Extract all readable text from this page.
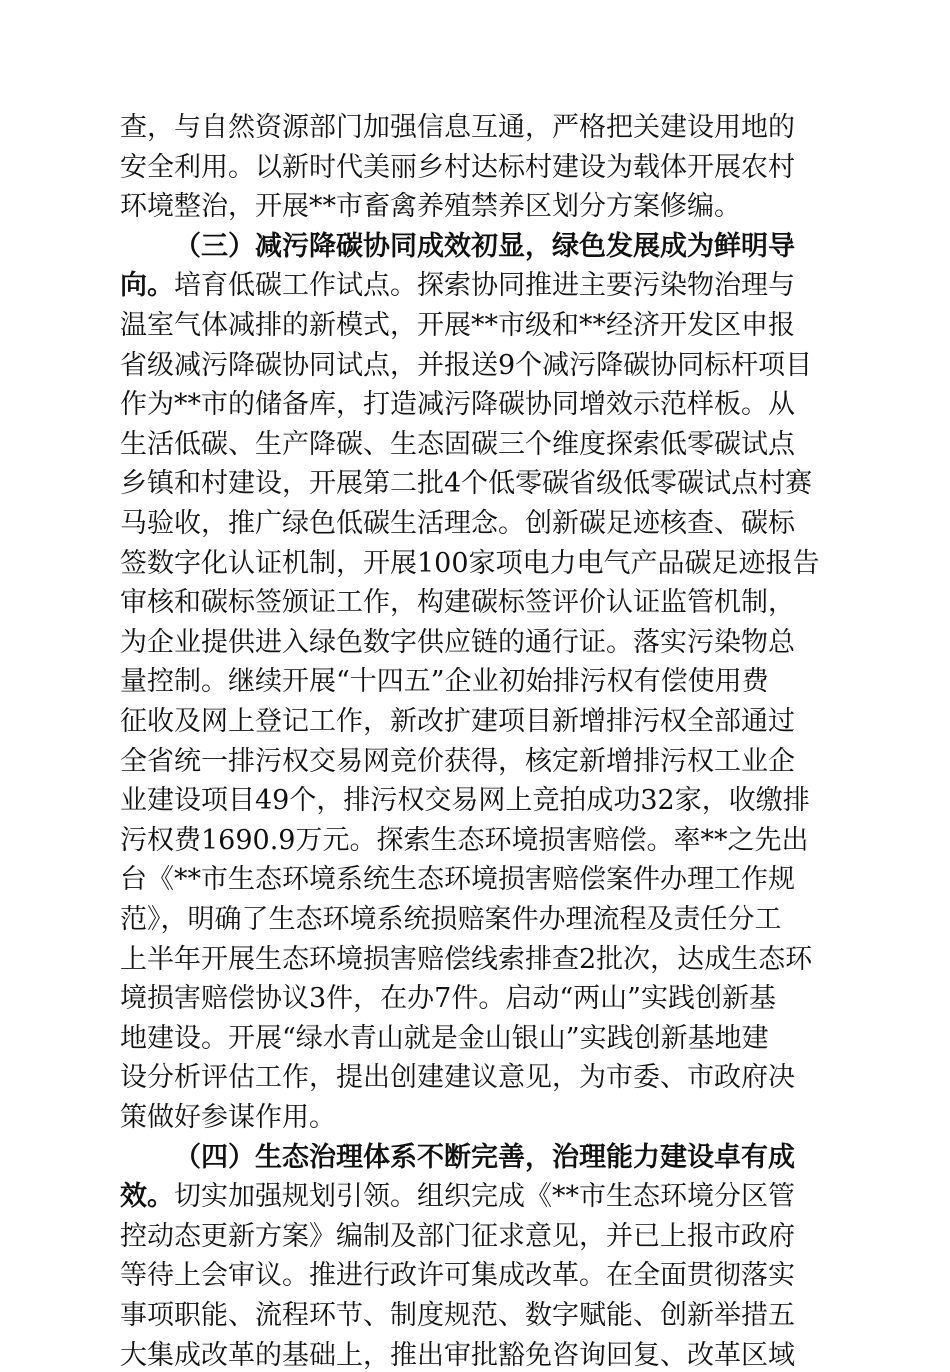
查，与自然资源部门加强信息互通，严格把关建设用地的
安全利用。以新时代美丽乡村达标村建设为载体开展农村
环境整治，开展**市畜禽养殖禁养区划分方案修编。
（三）减污降碳协同成效初显，绿色发展成为鲜明导
向。培育低碳工作试点。探索协同推进主要污染物治理与
温室气体减排的新模式，开展**市级和**经济开发区申报
省级减污降碳协同试点，并报送9个减污降碳协同标杆项目
作为**市的储备库，打造减污降碳协同增效示范样板。从
生活低碳、生产降碳、生态固碳三个维度探索低零碳试点
乡镇和村建设，开展第二批4个低零碳省级低零碳试点村赛
马验收，推广绿色低碳生活理念。创新碳足迹核查、碳标
签数字化认证机制，开展100家项电力电气产品碳足迹报告
审核和碳标签颁证工作，构建碳标签评价认证监管机制，
为企业提供进入绿色数字供应链的通行证。落实污染物总
量控制。继续开展“十四五”企业初始排污权有偿使用费
征收及网上登记工作，新改扩建项目新增排污权全部通过
全省统一排污权交易网竞价获得，核定新增排污权工业企
业建设项目49个，排污权交易网上竞拍成功32家，收缴排
污权费1690.9万元。探索生态环境损害赔偿。率**之先出
台《**市生态环境系统生态环境损害赔偿案件办理工作规
范》，明确了生态环境系统损赔案件办理流程及责任分工
上半年开展生态环境损害赔偿线索排查2批次，达成生态环
境损害赔偿协议3件，在办7件。启动“两山”实践创新基
地建设。开展“绿水青山就是金山银山”实践创新基地建
设分析评估工作，提出创建建议意见，为市委、市政府决
策做好参谋作用。
（四）生态治理体系不断完善，治理能力建设卓有成
效。切实加强规划引领。组织完成《**市生态环境分区管
控动态更新方案》编制及部门征求意见，并已上报市政府
等待上会审议。推进行政许可集成改革。在全面贯彻落实
事项职能、流程环节、制度规范、数字赋能、创新举措五
大集成改革的基础上，推出审批豁免咨询回复、改革区域
